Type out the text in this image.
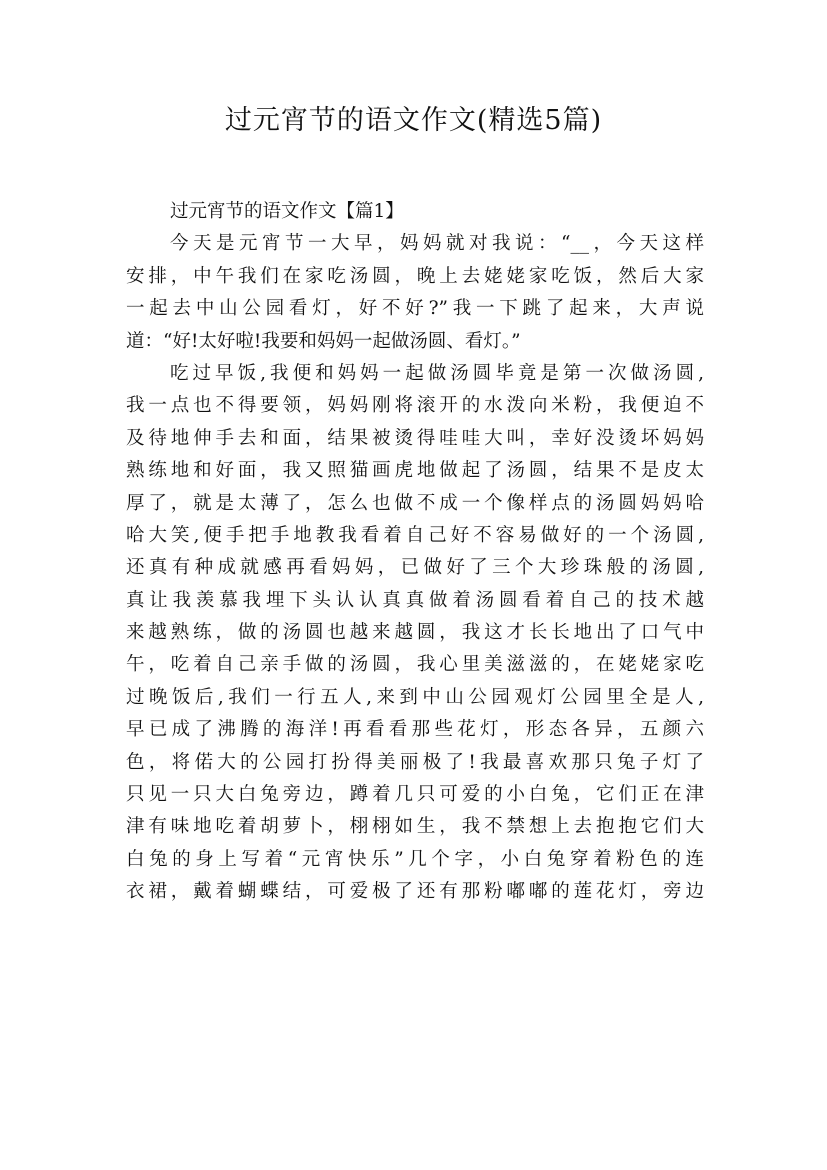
过元宵节的语文作文(精选5篇)
过元宵节的语文作文【篇1】
今天是元宵节一大早，妈妈就对我说：“__，今天这样
安排，中午我们在家吃汤圆，晚上去姥姥家吃饭，然后大家
一起去中山公园看灯，好不好?”我一下跳了起来，大声说
道：“好!太好啦!我要和妈妈一起做汤圆、看灯。”
吃过早饭,我便和妈妈一起做汤圆毕竟是第一次做汤圆,
我一点也不得要领，妈妈刚将滚开的水泼向米粉，我便迫不
及待地伸手去和面，结果被烫得哇哇大叫，幸好没烫坏妈妈
熟练地和好面，我又照猫画虎地做起了汤圆，结果不是皮太
厚了，就是太薄了，怎么也做不成一个像样点的汤圆妈妈哈
哈大笑,便手把手地教我看着自己好不容易做好的一个汤圆,
还真有种成就感再看妈妈，已做好了三个大珍珠般的汤圆,
真让我羡慕我埋下头认认真真做着汤圆看着自己的技术越
来越熟练，做的汤圆也越来越圆，我这才长长地出了口气中
午，吃着自己亲手做的汤圆，我心里美滋滋的，在姥姥家吃
过晚饭后,我们一行五人,来到中山公园观灯公园里全是人,
早已成了沸腾的海洋!再看看那些花灯，形态各异，五颜六
色，将偌大的公园打扮得美丽极了!我最喜欢那只兔子灯了
只见一只大白兔旁边，蹲着几只可爱的小白兔，它们正在津
津有味地吃着胡萝卜，栩栩如生，我不禁想上去抱抱它们大
白兔的身上写着“元宵快乐”几个字，小白兔穿着粉色的连
衣裙，戴着蝴蝶结，可爱极了还有那粉嘟嘟的莲花灯，旁边
